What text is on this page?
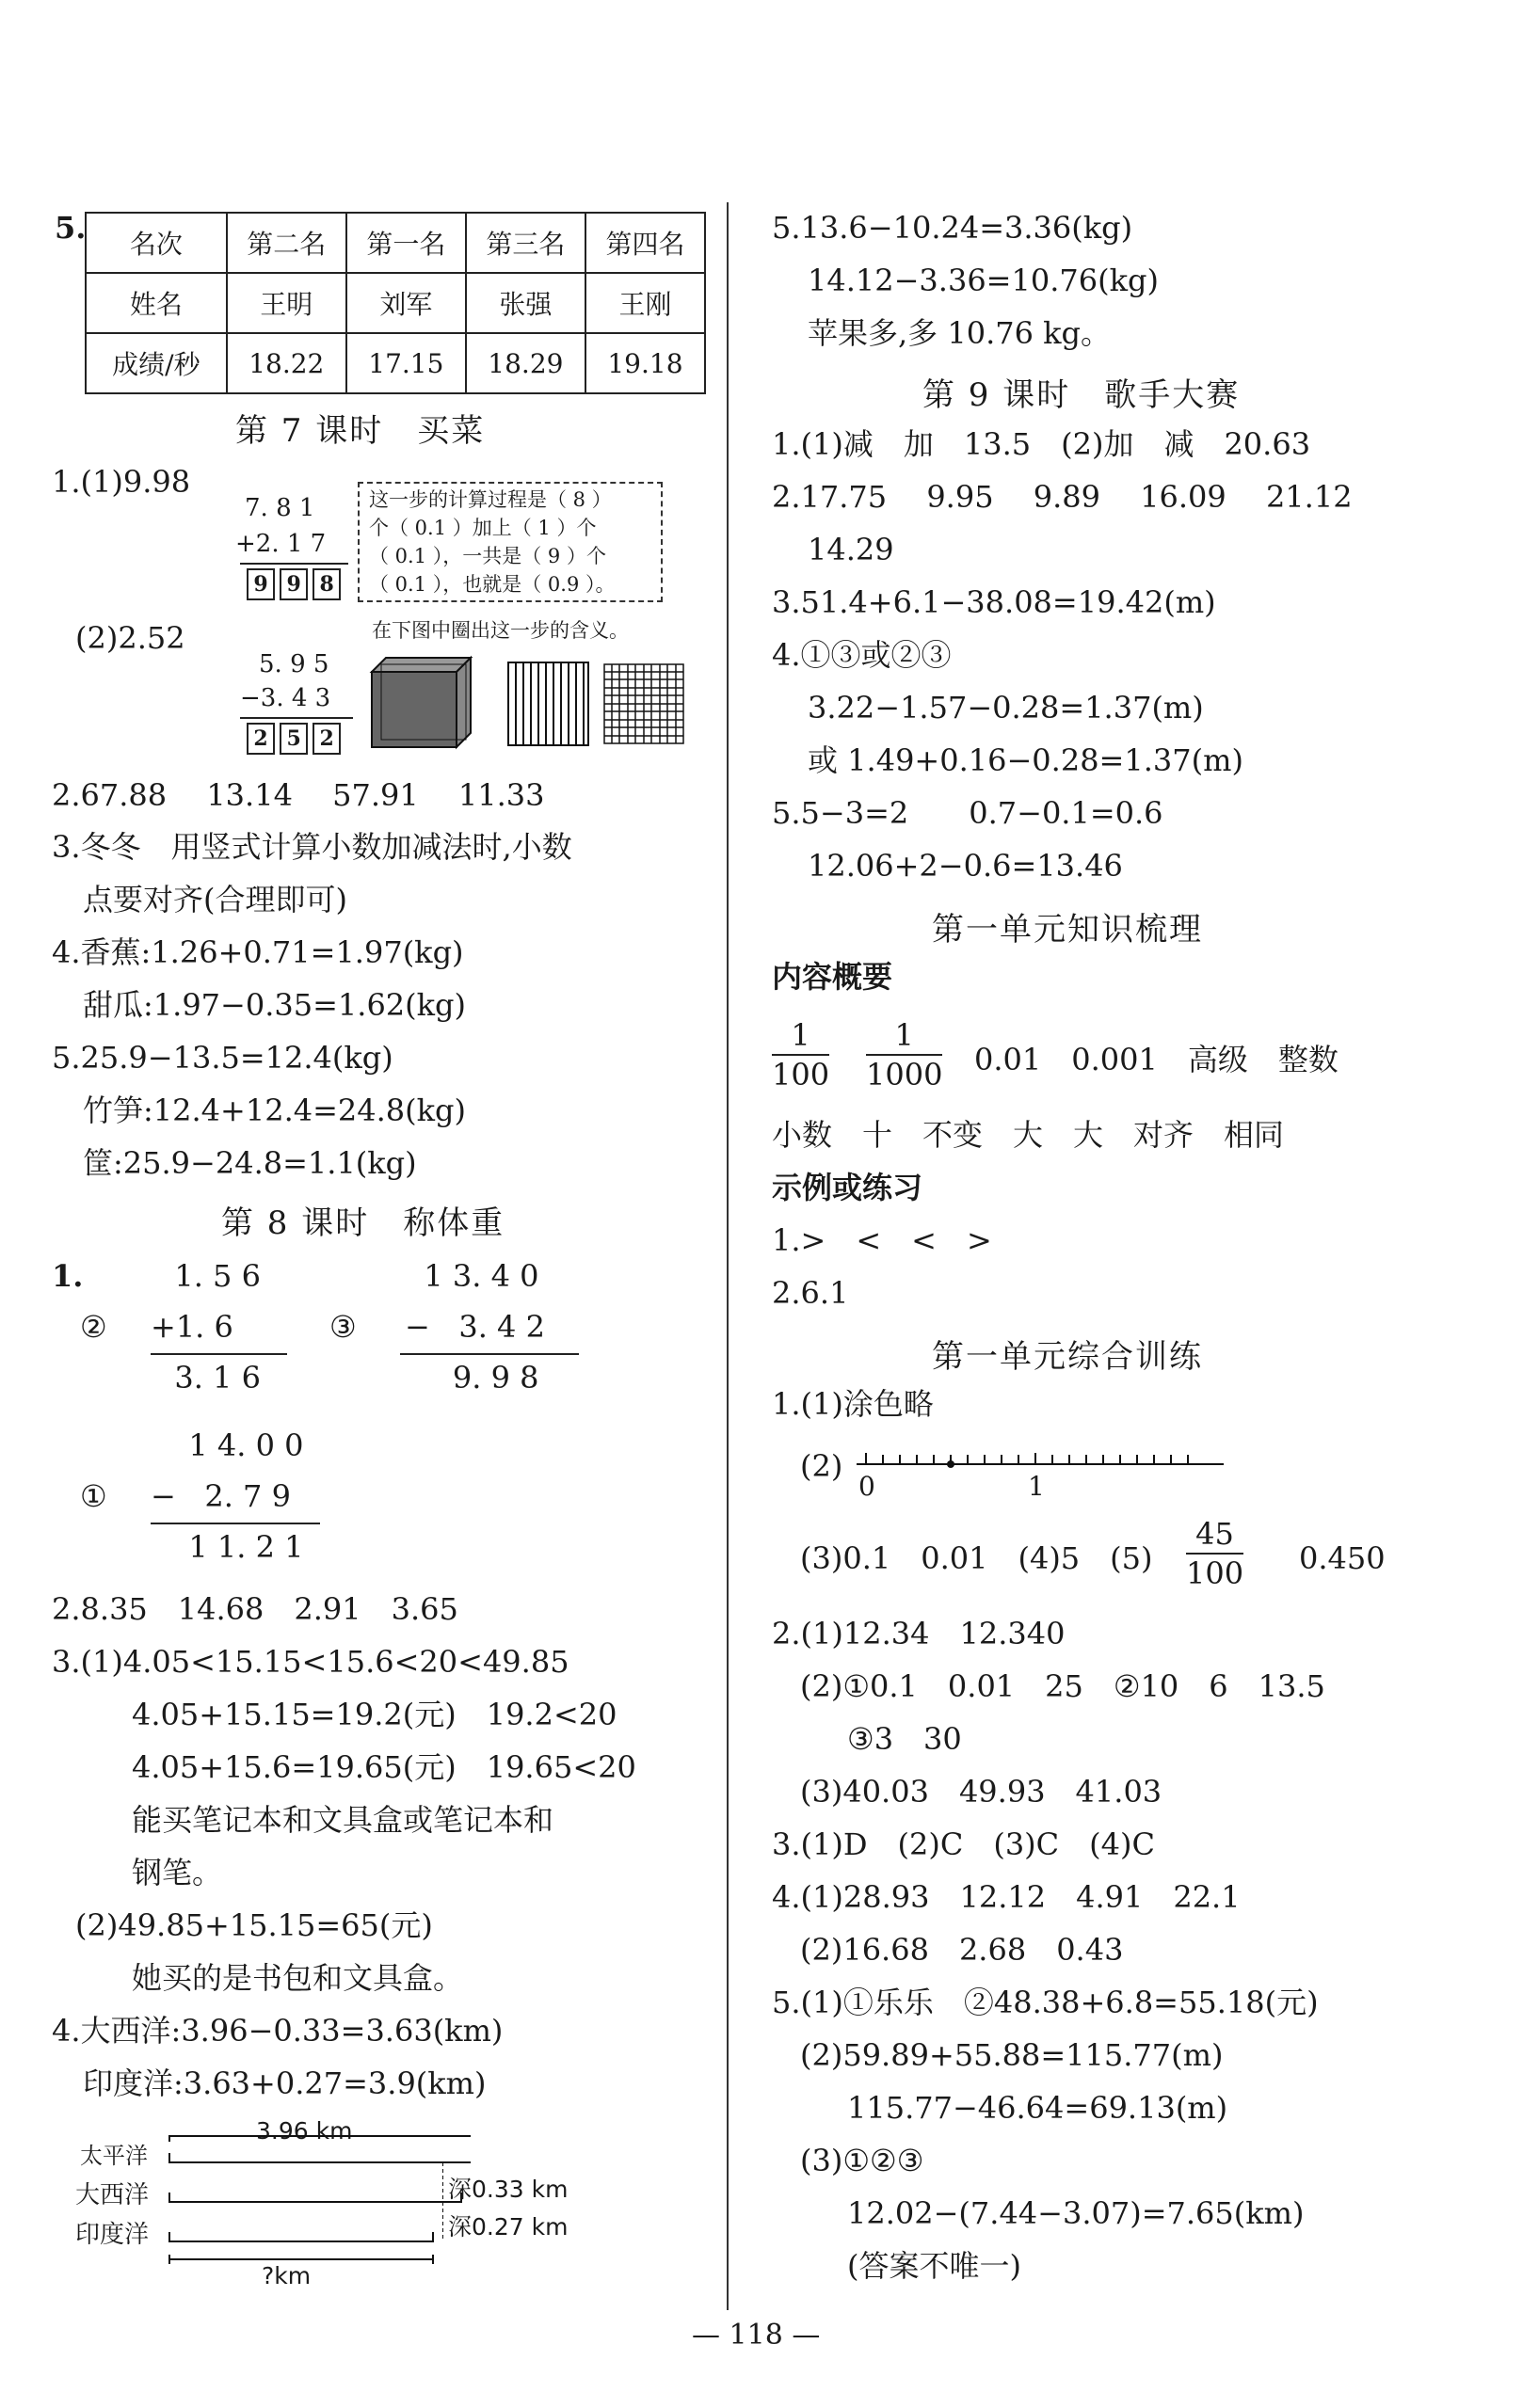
5. 名次	第二名	第一名	第三名	第四名
姓名	王明	刘军	张强	王刚
成绩/秒	18.22	17.15	18.29	19.18
第 7 课时　买菜
1.(1)9.98
7. 8 1
+2. 1 7
9 9 8
这一步的计算过程是（ 8 ）
个（ 0.1 ）加上（ 1 ）个
（ 0.1 ），一共是（ 9 ）个
（ 0.1 ），也就是（ 0.9 ）。
(2)2.52	在下图中圈出这一步的含义。
5. 9 5
−3. 4 3
2 5 2
2.67.88　 13.14　 57.91　 11.33
3.冬冬　用竖式计算小数加减法时,小数
点要对齐(合理即可)
4.香蕉:1.26+0.71=1.97(kg)
甜瓜:1.97−0.35=1.62(kg)
5.25.9−13.5=12.4(kg)
竹笋:12.4+12.4=24.8(kg)
筐:25.9−24.8=1.1(kg)
第 8 课时　称体重
1.
②
1. 5 6
+1. 6
3. 1 6
③
1 3. 4 0
−   3. 4 2
9. 9 8
1 4. 0 0
① −   2. 7 9
1 1. 2 1
2.8.35　14.68　2.91　3.65
3.(1)4.05<15.15<15.6<20<49.85
4.05+15.15=19.2(元)　19.2<20
4.05+15.6=19.65(元)　19.65<20
能买笔记本和文具盒或笔记本和
钢笔。
(2)49.85+15.15=65(元)
她买的是书包和文具盒。
4.大西洋:3.96−0.33=3.63(km)
印度洋:3.63+0.27=3.9(km)
3.96 km
太平洋
大西洋
印度洋
深0.33 km
深0.27 km
?km
5.13.6−10.24=3.36(kg)
14.12−3.36=10.76(kg)
苹果多,多 10.76 kg。
第 9 课时　歌手大赛
1.(1)减　加　13.5　(2)加　减　20.63
2.17.75　 9.95　 9.89　 16.09　 21.12
14.29
3.51.4+6.1−38.08=19.42(m)
4.①③或②③
3.22−1.57−0.28=1.37(m)
或 1.49+0.16−0.28=1.37(m)
5.5−3=2　　0.7−0.1=0.6
12.06+2−0.6=13.46
第一单元知识梳理
内容概要
$\frac{1}{100} \frac{1}{1000} 0.01$　0.001　高级　整数
小数　十　不变　大　大　对齐　相同
示例或练习
1.>　<　<　>
2.6.1
第一单元综合训练
1.(1)涂色略
(2)
0	1
(3)0.1　0.01　(4)5　$(5) \frac{45}{100} 0.450$
2.(1)12.34　12.340
(2)①0.1　0.01　25　②10　6　13.5
③3　30
(3)40.03　49.93　41.03
3.(1)D　(2)C　(3)C　(4)C
4.(1)28.93　12.12　4.91　22.1
(2)16.68　2.68　0.43
5.(1)①乐乐　②48.38+6.8=55.18(元)
(2)59.89+55.88=115.77(m)
115.77−46.64=69.13(m)
(3)①②③
12.02−(7.44−3.07)=7.65(km)
(答案不唯一)
— 118 —
